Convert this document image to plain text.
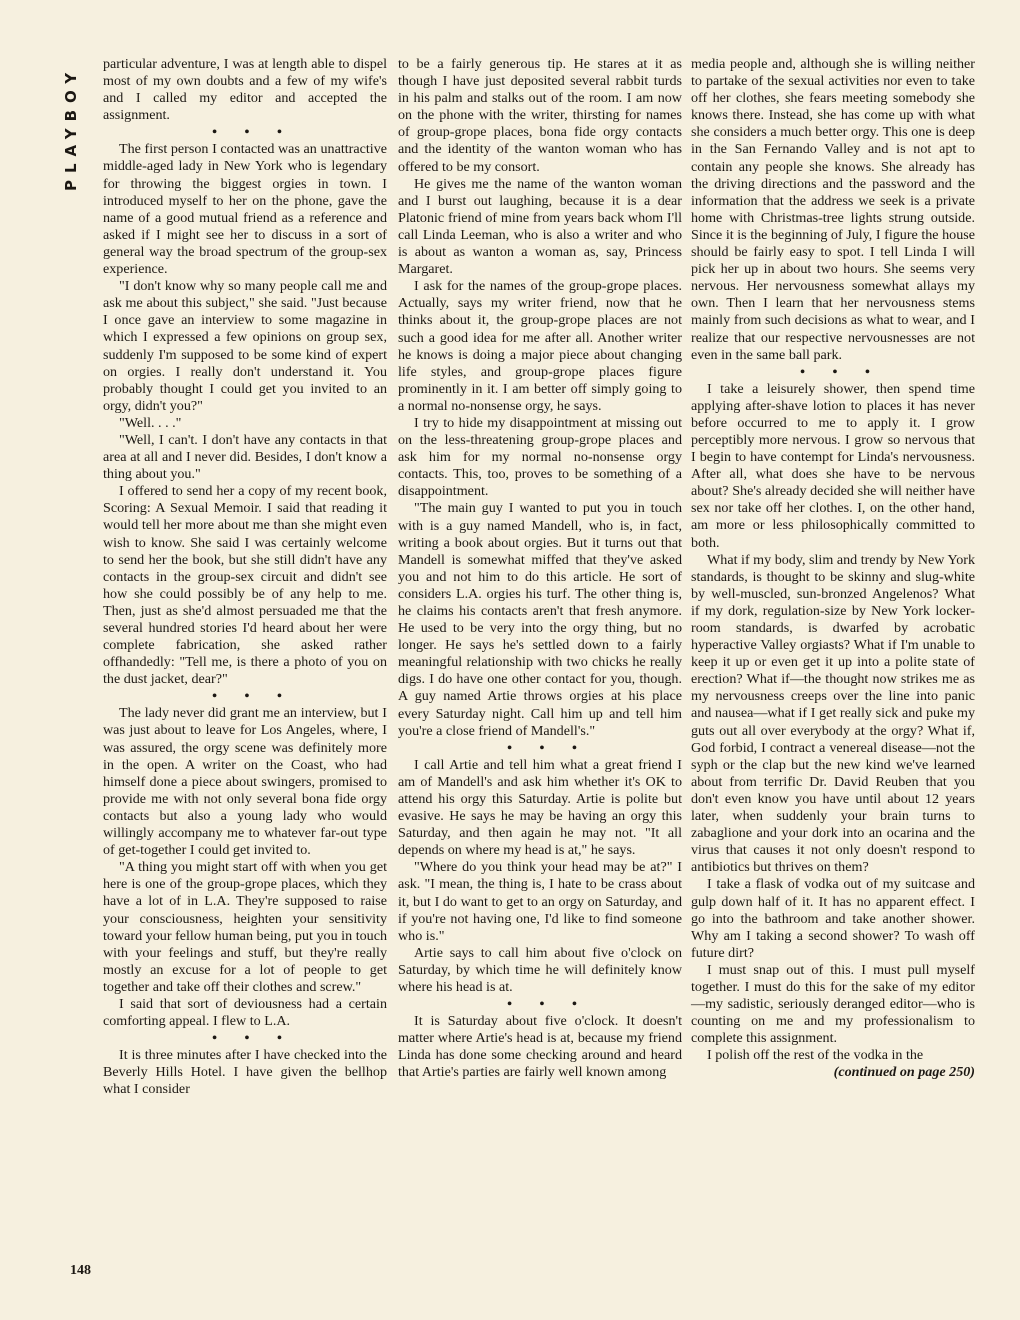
PLAYBOY
148

particular adventure, I was at length able to dispel most of my own doubts and a few of my wife's and I called my editor and accepted the assignment.

• • •

The first person I contacted was an unattractive middle-aged lady in New York who is legendary for throwing the biggest orgies in town. I introduced myself to her on the phone, gave the name of a good mutual friend as a reference and asked if I might see her to discuss in a sort of general way the broad spectrum of the group-sex experience.

"I don't know why so many people call me and ask me about this subject," she said. "Just because I once gave an interview to some magazine in which I expressed a few opinions on group sex, suddenly I'm supposed to be some kind of expert on orgies. I really don't understand it. You probably thought I could get you invited to an orgy, didn't you?"

"Well. . . ."

"Well, I can't. I don't have any contacts in that area at all and I never did. Besides, I don't know a thing about you."

I offered to send her a copy of my recent book, Scoring: A Sexual Memoir. I said that reading it would tell her more about me than she might even wish to know. She said I was certainly welcome to send her the book, but she still didn't have any contacts in the group-sex circuit and didn't see how she could possibly be of any help to me. Then, just as she'd almost persuaded me that the several hundred stories I'd heard about her were complete fabrication, she asked rather offhandedly: "Tell me, is there a photo of you on the dust jacket, dear?"

• • •

The lady never did grant me an interview, but I was just about to leave for Los Angeles, where, I was assured, the orgy scene was definitely more in the open. A writer on the Coast, who had himself done a piece about swingers, promised to provide me with not only several bona fide orgy contacts but also a young lady who would willingly accompany me to whatever far-out type of get-together I could get invited to.

"A thing you might start off with when you get here is one of the group-grope places, which they have a lot of in L.A. They're supposed to raise your consciousness, heighten your sensitivity toward your fellow human being, put you in touch with your feelings and stuff, but they're really mostly an excuse for a lot of people to get together and take off their clothes and screw."

I said that sort of deviousness had a certain comforting appeal. I flew to L.A.

• • •

It is three minutes after I have checked into the Beverly Hills Hotel. I have given the bellhop what I consider

to be a fairly generous tip. He stares at it as though I have just deposited several rabbit turds in his palm and stalks out of the room. I am now on the phone with the writer, thirsting for names of group-grope places, bona fide orgy contacts and the identity of the wanton woman who has offered to be my consort.

He gives me the name of the wanton woman and I burst out laughing, because it is a dear Platonic friend of mine from years back whom I'll call Linda Leeman, who is also a writer and who is about as wanton a woman as, say, Princess Margaret.

I ask for the names of the group-grope places. Actually, says my writer friend, now that he thinks about it, the group-grope places are not such a good idea for me after all. Another writer he knows is doing a major piece about changing life styles, and group-grope places figure prominently in it. I am better off simply going to a normal no-nonsense orgy, he says.

I try to hide my disappointment at missing out on the less-threatening group-grope places and ask him for my normal no-nonsense orgy contacts. This, too, proves to be something of a disappointment.

"The main guy I wanted to put you in touch with is a guy named Mandell, who is, in fact, writing a book about orgies. But it turns out that Mandell is somewhat miffed that they've asked you and not him to do this article. He sort of considers L.A. orgies his turf. The other thing is, he claims his contacts aren't that fresh anymore. He used to be very into the orgy thing, but no longer. He says he's settled down to a fairly meaningful relationship with two chicks he really digs. I do have one other contact for you, though. A guy named Artie throws orgies at his place every Saturday night. Call him up and tell him you're a close friend of Mandell's."

• • •

I call Artie and tell him what a great friend I am of Mandell's and ask him whether it's OK to attend his orgy this Saturday. Artie is polite but evasive. He says he may be having an orgy this Saturday, and then again he may not. "It all depends on where my head is at," he says.

"Where do you think your head may be at?" I ask. "I mean, the thing is, I hate to be crass about it, but I do want to get to an orgy on Saturday, and if you're not having one, I'd like to find someone who is."

Artie says to call him about five o'clock on Saturday, by which time he will definitely know where his head is at.

• • •

It is Saturday about five o'clock. It doesn't matter where Artie's head is at, because my friend Linda has done some checking around and heard that Artie's parties are fairly well known among

media people and, although she is willing neither to partake of the sexual activities nor even to take off her clothes, she fears meeting somebody she knows there. Instead, she has come up with what she considers a much better orgy. This one is deep in the San Fernando Valley and is not apt to contain any people she knows. She already has the driving directions and the password and the information that the address we seek is a private home with Christmas-tree lights strung outside. Since it is the beginning of July, I figure the house should be fairly easy to spot. I tell Linda I will pick her up in about two hours. She seems very nervous. Her nervousness somewhat allays my own. Then I learn that her nervousness stems mainly from such decisions as what to wear, and I realize that our respective nervousnesses are not even in the same ball park.

• • •

I take a leisurely shower, then spend time applying after-shave lotion to places it has never before occurred to me to apply it. I grow perceptibly more nervous. I grow so nervous that I begin to have contempt for Linda's nervousness. After all, what does she have to be nervous about? She's already decided she will neither have sex nor take off her clothes. I, on the other hand, am more or less philosophically committed to both.

What if my body, slim and trendy by New York standards, is thought to be skinny and slug-white by well-muscled, sun-bronzed Angelenos? What if my dork, regulation-size by New York locker-room standards, is dwarfed by acrobatic hyperactive Valley orgiasts? What if I'm unable to keep it up or even get it up into a polite state of erection? What if—the thought now strikes me as my nervousness creeps over the line into panic and nausea—what if I get really sick and puke my guts out all over everybody at the orgy? What if, God forbid, I contract a venereal disease—not the syph or the clap but the new kind we've learned about from terrific Dr. David Reuben that you don't even know you have until about 12 years later, when suddenly your brain turns to zabaglione and your dork into an ocarina and the virus that causes it not only doesn't respond to antibiotics but thrives on them?

I take a flask of vodka out of my suitcase and gulp down half of it. It has no apparent effect. I go into the bathroom and take another shower. Why am I taking a second shower? To wash off future dirt?

I must snap out of this. I must pull myself together. I must do this for the sake of my editor—my sadistic, seriously deranged editor—who is counting on me and my professionalism to complete this assignment.

I polish off the rest of the vodka in the

(continued on page 250)
